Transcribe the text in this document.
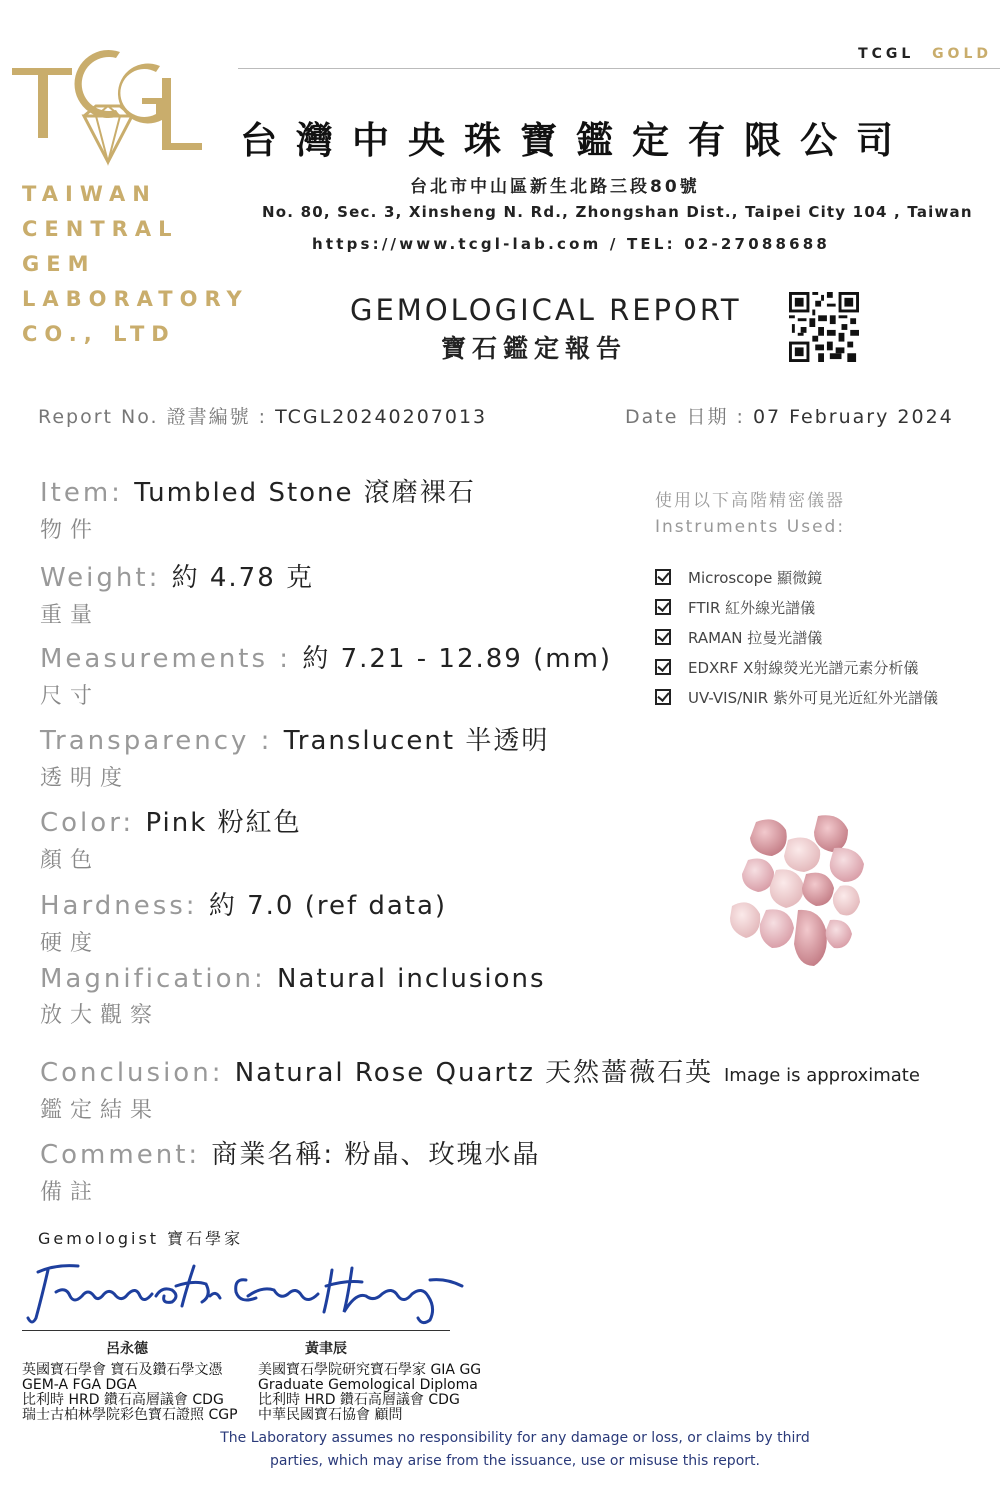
TAIWAN
CENTRAL
GEM
LABORATORY
CO., LTD
TCGL GOLD
台灣中央珠寶鑑定有限公司
台北市中山區新生北路三段80號
No. 80, Sec. 3, Xinsheng N. Rd., Zhongshan Dist., Taipei City 104 , Taiwan
https://www.tcgl-lab.com / TEL: 02-27088688
GEMOLOGICAL REPORT
寶石鑑定報告
Report No. 證書編號 : TCGL20240207013	Date 日期 : 07 February 2024
Item: Tumbled Stone 滾磨裸石
物件
Weight: 約 4.78 克
重量
Measurements : 約 7.21 - 12.89 (mm)
尺寸
Transparency : Translucent 半透明
透明度
Color: Pink 粉紅色
顏色
Hardness: 約 7.0 (ref data)
硬度
Magnification: Natural inclusions
放大觀察
Conclusion: Natural Rose Quartz 天然薔薇石英
鑑定結果
Comment: 商業名稱: 粉晶、玫瑰水晶
備註
使用以下高階精密儀器
Instruments Used:
Microscope 顯微鏡
FTIR 紅外線光譜儀
RAMAN 拉曼光譜儀
EDXRF X射線熒光光譜元素分析儀
UV-VIS/NIR 紫外可見光近紅外光譜儀
Image is approximate
Gemologist 寶石學家
呂永德	黃聿辰
英國寶石學會 寶石及鑽石學文憑
GEM-A FGA DGA
比利時 HRD 鑽石高層議會 CDG
瑞士古柏林學院彩色寶石證照 CGP
美國寶石學院研究寶石學家 GIA GG
Graduate Gemological Diploma
比利時 HRD 鑽石高層議會 CDG
中華民國寶石協會 顧問
The Laboratory assumes no responsibility for any damage or loss, or claims by third
parties, which may arise from the issuance, use or misuse this report.
